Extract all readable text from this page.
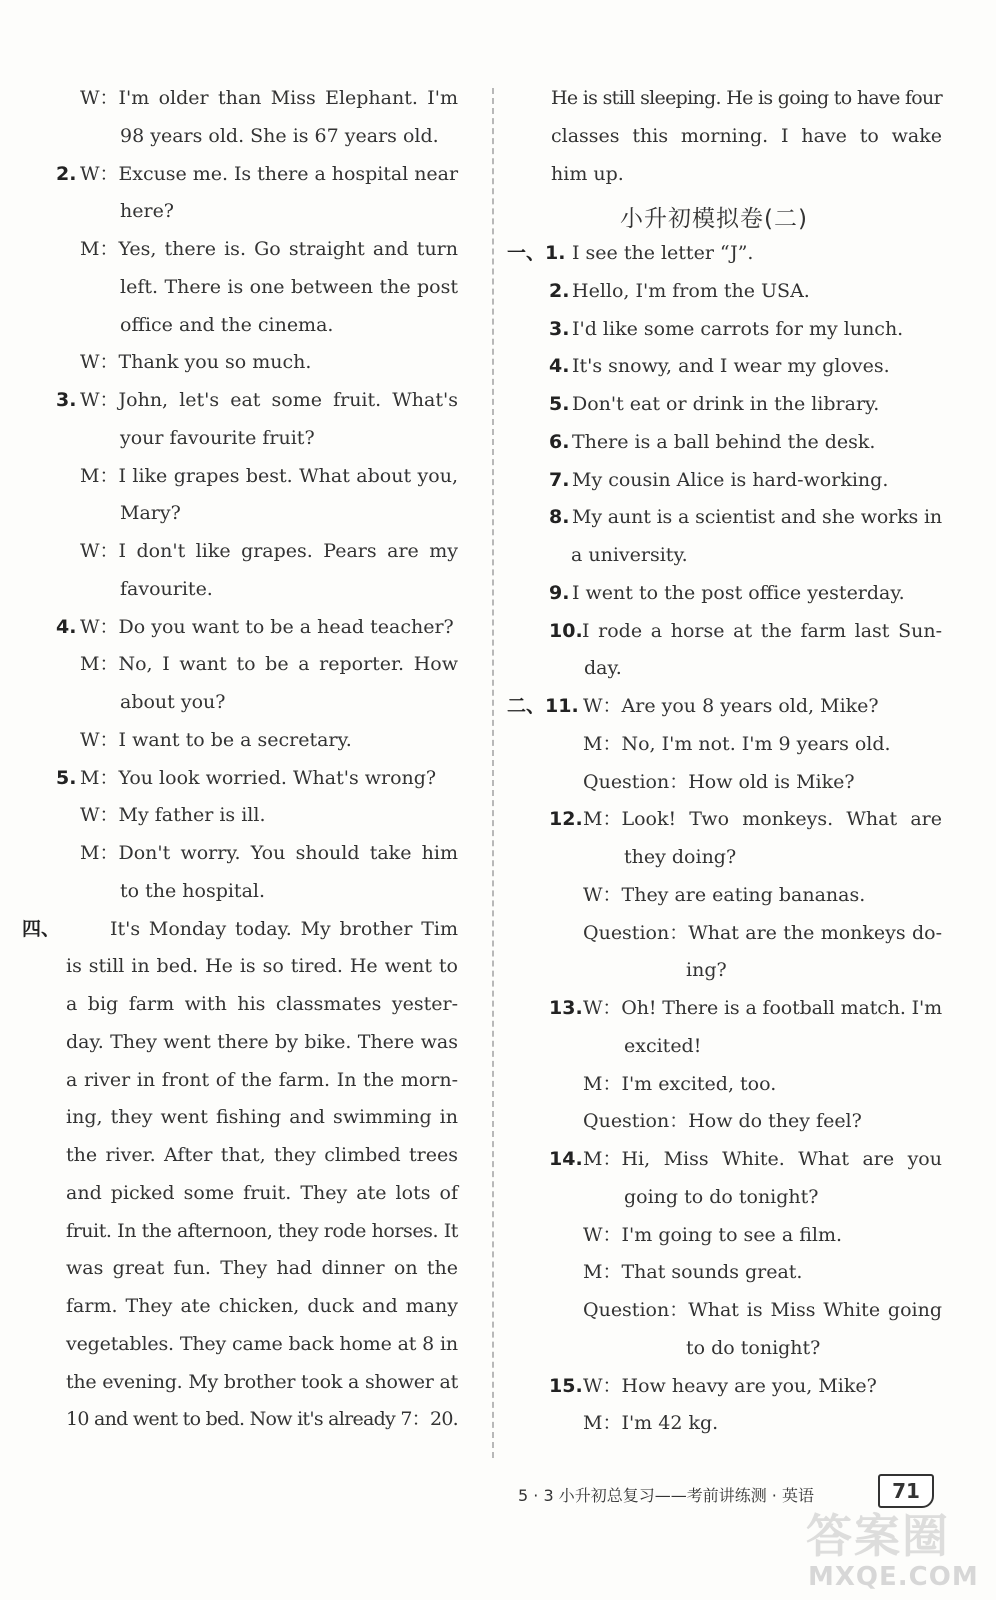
W：I'm older than Miss Elephant. I'm
98 years old. She is 67 years old.
2. W：Excuse me. Is there a hospital near
here?
M：Yes, there is. Go straight and turn
left. There is one between the post
office and the cinema.
W：Thank you so much.
3. W：John, let's eat some fruit. What's
your favourite fruit?
M：I like grapes best. What about you,
Mary?
W：I don't like grapes. Pears are my
favourite.
4. W：Do you want to be a head teacher?
M：No, I want to be a reporter. How
about you?
W：I want to be a secretary.
5. M：You look worried. What's wrong?
W：My father is ill.
M：Don't worry. You should take him
to the hospital.
四、	It's Monday today. My brother Tim
is still in bed. He is so tired. He went to
a big farm with his classmates yester-
day. They went there by bike. There was
a river in front of the farm. In the morn-
ing, they went fishing and swimming in
the river. After that, they climbed trees
and picked some fruit. They ate lots of
fruit. In the afternoon, they rode horses. It
was great fun. They had dinner on the
farm. They ate chicken, duck and many
vegetables. They came back home at 8 in
the evening. My brother took a shower at
10 and went to bed. Now it's already 7：20.
He is still sleeping. He is going to have four
classes this morning. I have to wake
him up.
一、1. I see the letter “J”.
2. Hello, I'm from the USA.
3. I'd like some carrots for my lunch.
4. It's snowy, and I wear my gloves.
5. Don't eat or drink in the library.
6. There is a ball behind the desk.
7. My cousin Alice is hard-working.
8. My aunt is a scientist and she works in
a university.
9. I went to the post office yesterday.
10. I rode a horse at the farm last Sun-
day.
二、11. W：Are you 8 years old, Mike?
M：No, I'm not. I'm 9 years old.
Question：How old is Mike?
12. M：Look! Two monkeys. What are
they doing?
W：They are eating bananas.
Question：What are the monkeys do-
ing?
13. W：Oh! There is a football match. I'm
excited!
M：I'm excited, too.
Question：How do they feel?
14. M：Hi, Miss White. What are you
going to do tonight?
W：I'm going to see a film.
M：That sounds great.
Question：What is Miss White going
to do tonight?
15. W：How heavy are you, Mike?
M：I'm 42 kg.
小升初模拟卷(二)
5 · 3 小升初总复习——考前讲练测 · 英语	71
答案圈
MXQE.COM
